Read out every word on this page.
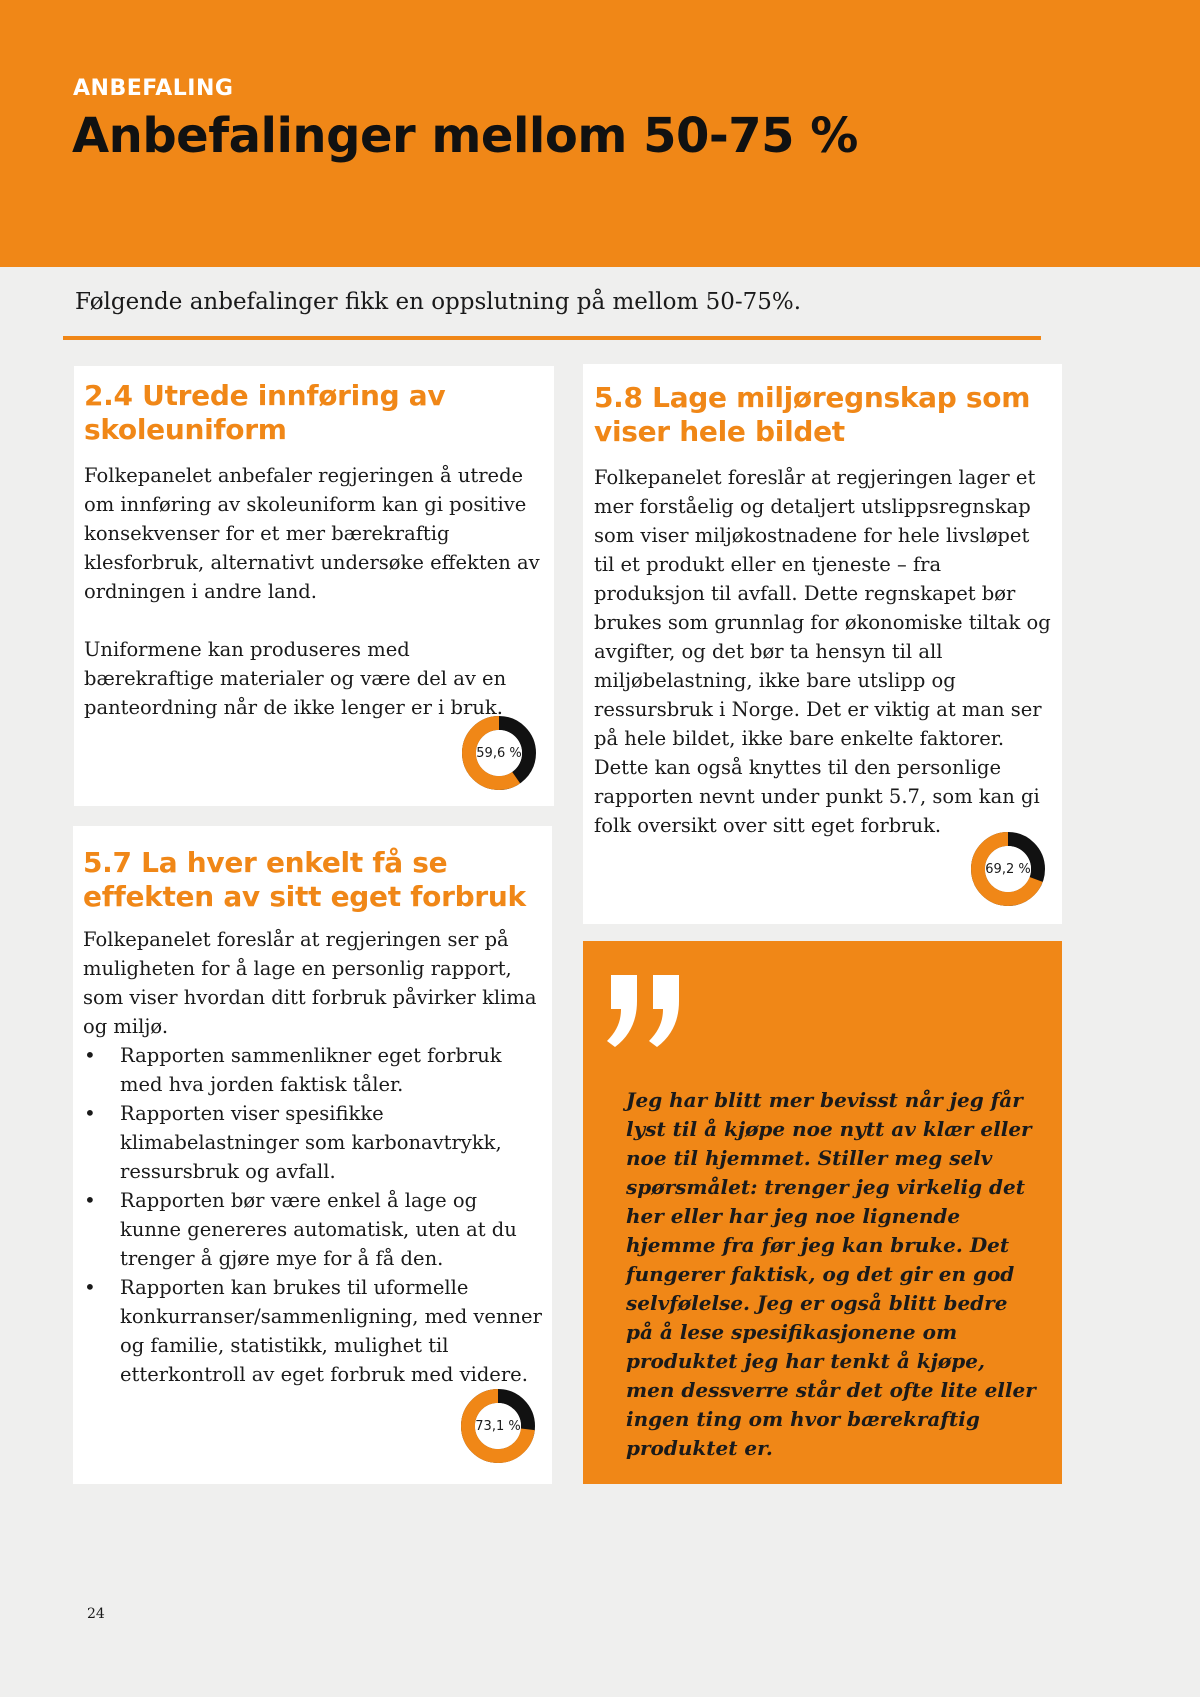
ANBEFALING
Anbefalinger mellom 50-75 %
Følgende anbefalinger fikk en oppslutning på mellom 50-75%.
2.4 Utrede innføring av skoleuniform

Folkepanelet anbefaler regjeringen å utrede om innføring av skoleuniform kan gi positive konsekvenser for et mer bærekraftig klesforbruk, alternativt undersøke effekten av ordningen i andre land.

Uniformene kan produseres med bærekraftige materialer og være del av en panteordning når de ikke lenger er i bruk.

59,6 %
5.8 Lage miljøregnskap som viser hele bildet

Folkepanelet foreslår at regjeringen lager et mer forståelig og detaljert utslippsregnskap som viser miljøkostnadene for hele livsløpet til et produkt eller en tjeneste – fra produksjon til avfall. Dette regnskapet bør brukes som grunnlag for økonomiske tiltak og avgifter, og det bør ta hensyn til all miljøbelastning, ikke bare utslipp og ressursbruk i Norge. Det er viktig at man ser på hele bildet, ikke bare enkelte faktorer. Dette kan også knyttes til den personlige rapporten nevnt under punkt 5.7, som kan gi folk oversikt over sitt eget forbruk.

69,2 %
5.7 La hver enkelt få se effekten av sitt eget forbruk

Folkepanelet foreslår at regjeringen ser på muligheten for å lage en personlig rapport, som viser hvordan ditt forbruk påvirker klima og miljø.

• Rapporten sammenlikner eget forbruk med hva jorden faktisk tåler.
• Rapporten viser spesifikke klimabelastninger som karbonavtrykk, ressursbruk og avfall.
• Rapporten bør være enkel å lage og kunne genereres automatisk, uten at du trenger å gjøre mye for å få den.
• Rapporten kan brukes til uformelle konkurranser/sammenligning, med venner og familie, statistikk, mulighet til etterkontroll av eget forbruk med videre.
73,1 %

Jeg har blitt mer bevisst når jeg får lyst til å kjøpe noe nytt av klær eller noe til hjemmet. Stiller meg selv spørsmålet: trenger jeg virkelig det her eller har jeg noe lignende hjemme fra før jeg kan bruke. Det fungerer faktisk, og det gir en god selvfølelse. Jeg er også blitt bedre på å lese spesifikasjonene om produktet jeg har tenkt å kjøpe, men dessverre står det ofte lite eller ingen ting om hvor bærekraftig produktet er.

24
